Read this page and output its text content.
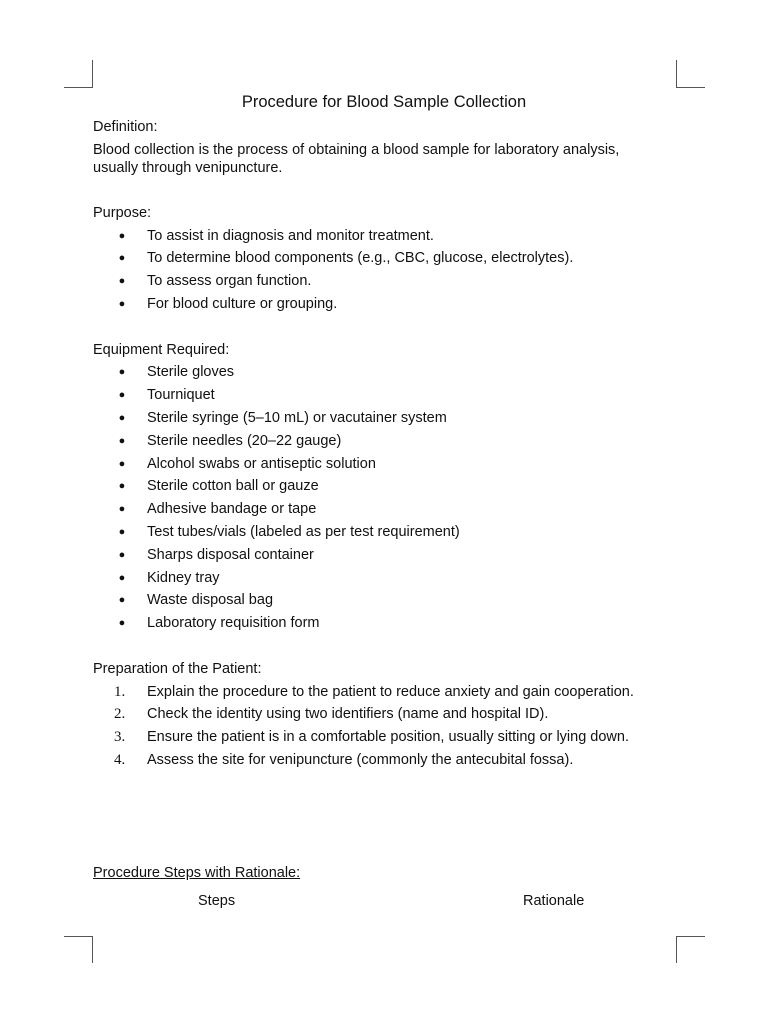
Procedure for Blood Sample Collection

Definition:

Blood collection is the process of obtaining a blood sample for laboratory analysis,

usually through venipuncture.

Purpose:

● To assist in diagnosis and monitor treatment.
● To determine blood components (e.g., CBC, glucose, electrolytes).
● To assess organ function.
● For blood culture or grouping.

Equipment Required:

● Sterile gloves
● Tourniquet
● Sterile syringe (5–10 mL) or vacutainer system
● Sterile needles (20–22 gauge)
● Alcohol swabs or antiseptic solution
● Sterile cotton ball or gauze
● Adhesive bandage or tape
● Test tubes/vials (labeled as per test requirement)
● Sharps disposal container
● Kidney tray
● Waste disposal bag
● Laboratory requisition form

Preparation of the Patient:

1. Explain the procedure to the patient to reduce anxiety and gain cooperation.
2. Check the identity using two identifiers (name and hospital ID).
3. Ensure the patient is in a comfortable position, usually sitting or lying down.
4. Assess the site for venipuncture (commonly the antecubital fossa).

Procedure Steps with Rationale:

Steps	Rationale
